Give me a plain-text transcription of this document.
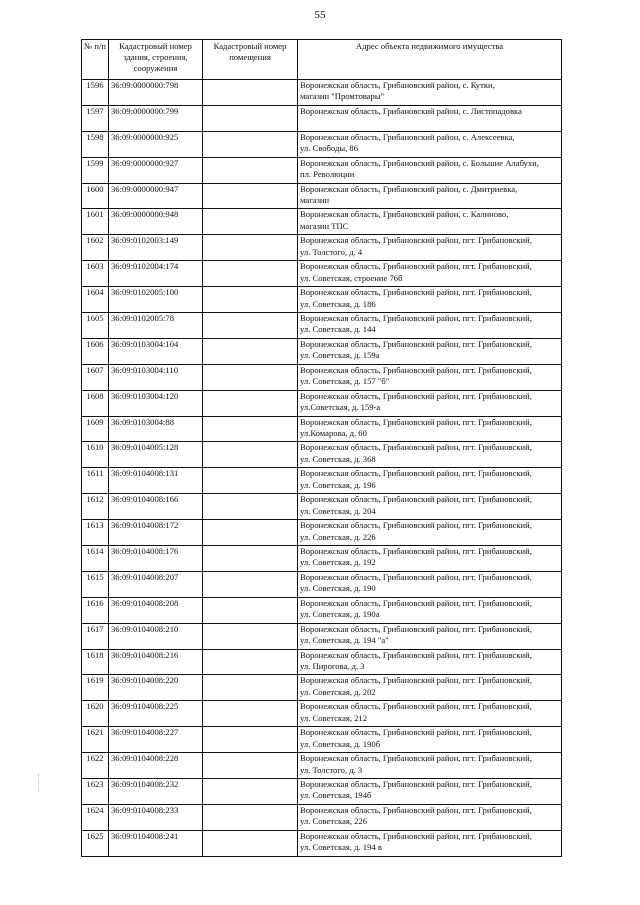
55
№ п/п	Кадастровый номер здания, строения, сооружения	Кадастровый номер помещения	Адрес объекта недвижимого имущества
1596	36:09:0000000:798		Воронежская область, Грибановский район, с. Кутки,
магазин "Промтовары"

1597	36:09:0000000:799		Воронежская область, Грибановский район, с. Листопадовка

1598	36:09:0000000:925		Воронежская область, Грибановский район, с. Алексеевка,
ул. Свободы, 86

1599	36:09:0000000:927		Воронежская область, Грибановский район, с. Большие Алабухи,
пл. Революции

1600	36:09:0000000:947		Воронежская область, Грибановский район, с. Дмитриевка,
магазин

1601	36:09:0000000:948		Воронежская область, Грибановский район, с. Калиново,
магазин ТПС

1602	36:09:0102003:149		Воронежская область, Грибановский район, пгт. Грибановский,
ул. Толстого, д. 4

1603	36:09:0102004:174		Воронежская область, Грибановский район, пгт. Грибановский,
ул. Советская, строение 76б

1604	36:09:0102005:100		Воронежская область, Грибановский район, пгт. Грибановский,
ул. Советская, д. 186

1605	36:09:0102005:78		Воронежская область, Грибановский район, пгт. Грибановский,
ул. Советская, д. 144

1606	36:09:0103004:104		Воронежская область, Грибановский район, пгт. Грибановский,
ул. Советская, д. 159а

1607	36:09:0103004:110		Воронежская область, Грибановский район, пгт. Грибановский,
ул. Советская, д. 157 "б"

1608	36:09:0103004:120		Воронежская область, Грибановский район, пгт. Грибановский,
ул.Советская, д. 159-а

1609	36:09:0103004:88		Воронежская область, Грибановский район, пгт. Грибановский,
ул.Комарова, д. 60

1610	36:09:0104005:128		Воронежская область, Грибановский район, пгт. Грибановский,
ул. Советская, д. 368

1611	36:09:0104008:131		Воронежская область, Грибановский район, пгт. Грибановский,
ул. Советская, д. 196

1612	36:09:0104008:166		Воронежская область, Грибановский район, пгт. Грибановский,
ул. Советская, д. 204

1613	36:09:0104008:172		Воронежская область, Грибановский район, пгт. Грибановский,
ул. Советская, д. 226

1614	36:09:0104008:176		Воронежская область, Грибановский район, пгт. Грибановский,
ул. Советская, д. 192

1615	36:09:0104008:207		Воронежская область, Грибановский район, пгт. Грибановский,
ул. Советская, д. 190

1616	36:09:0104008:208		Воронежская область, Грибановский район, пгт. Грибановский,
ул. Советская, д. 190а

1617	36:09:0104008:210		Воронежская область, Грибановский район, пгт. Грибановский,
ул. Советская, д. 194 "а"

1618	36:09:0104008:216		Воронежская область, Грибановский район, пгт. Грибановский,
ул. Пирогова, д. 3

1619	36:09:0104008:220		Воронежская область, Грибановский район, пгт. Грибановский,
ул. Советская, д. 202

1620	36:09:0104008:225		Воронежская область, Грибановский район, пгт. Грибановский,
ул. Советская, 212

1621	36:09:0104008:227		Воронежская область, Грибановский район, пгт. Грибановский,
ул. Советская, д. 190б

1622	36:09:0104008:228		Воронежская область, Грибановский район, пгт. Грибановский,
ул. Толстого, д. 3

1623	36:09:0104008:232		Воронежская область, Грибановский район, пгт. Грибановский,
ул. Советская, 194б

1624	36:09:0104008:233		Воронежская область, Грибановский район, пгт. Грибановский,
ул. Советская, 226

1625	36:09:0104008:241		Воронежская область, Грибановский район, пгт. Грибановский,
ул. Советская, д. 194 в
